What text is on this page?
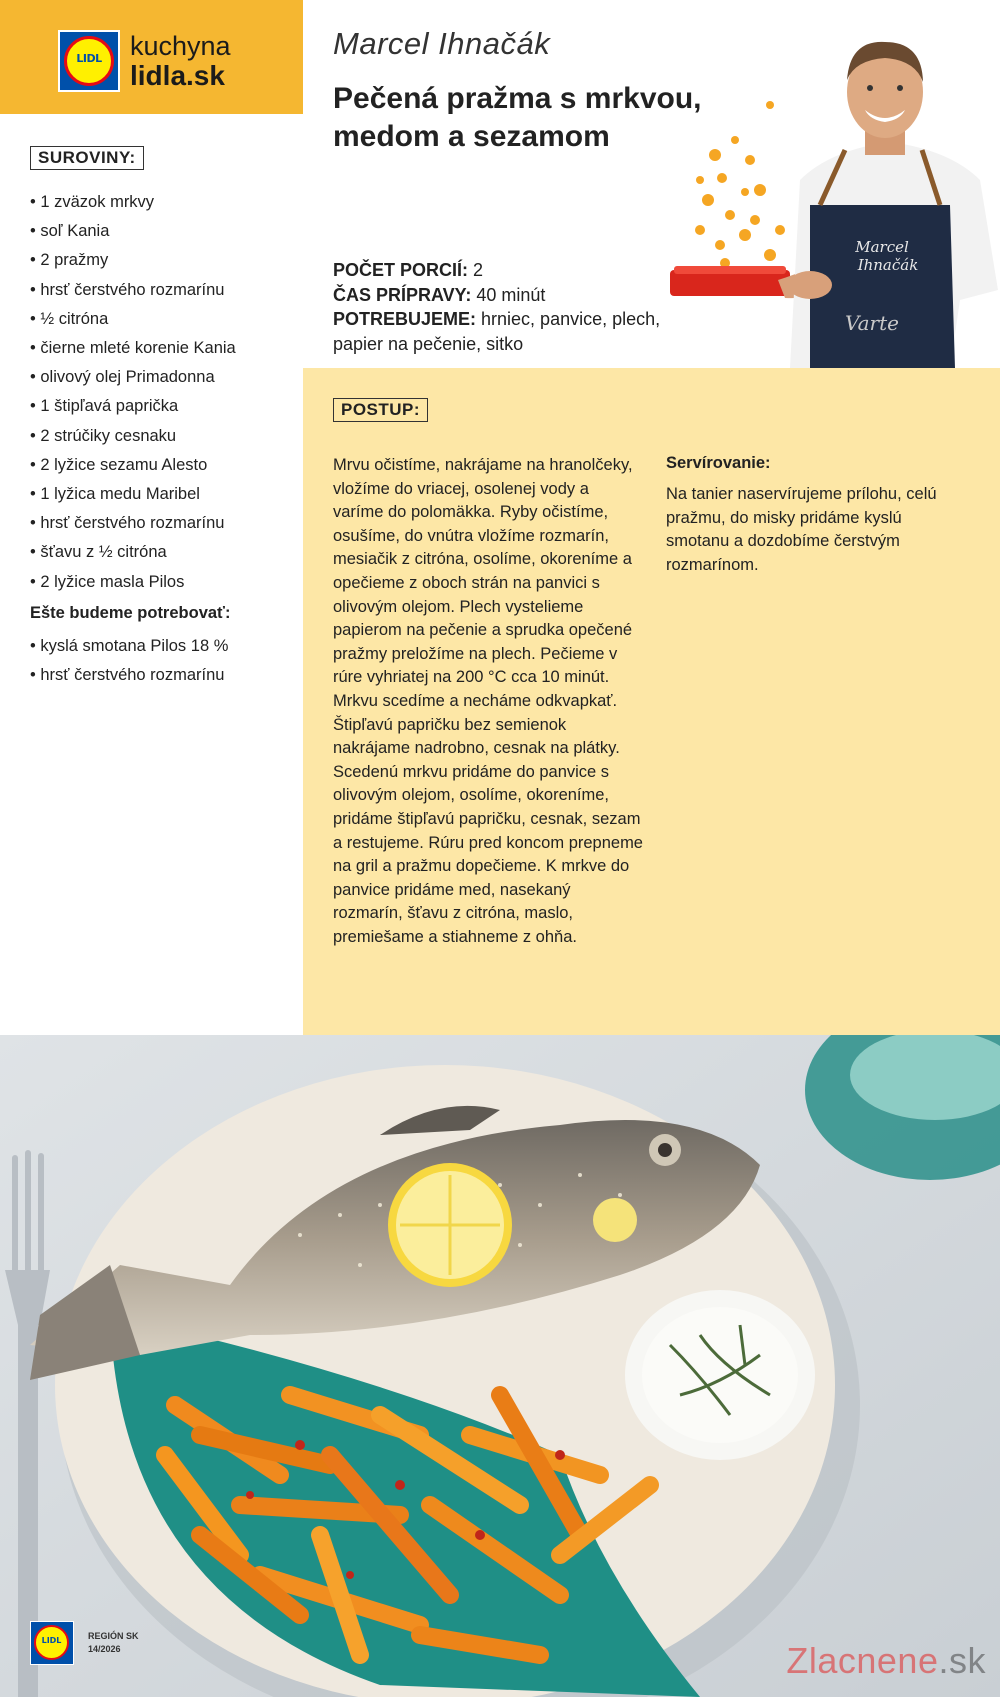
LIDL	kuchyna
lidla.sk
SUROVINY:
• 1 zväzok mrkvy
• soľ Kania
• 2 pražmy
• hrsť čerstvého rozmarínu
• ½ citróna
• čierne mleté korenie Kania
• olivový olej Primadonna
• 1 štipľavá paprička
• 2 strúčiky cesnaku
• 2 lyžice sezamu Alesto
• 1 lyžica medu Maribel
• hrsť čerstvého rozmarínu
• šťavu z ½ citróna
• 2 lyžice masla Pilos
Ešte budeme potrebovať:
• kyslá smotana Pilos 18 %
• hrsť čerstvého rozmarínu
Marcel Ihnačák
Pečená pražma s mrkvou, medom a sezamom
POČET PORCIÍ: 2
ČAS PRÍPRAVY: 40 minút
POTREBUJEME: hrniec, panvice, plech, papier na pečenie, sitko
Marcel
Ihnačák
Varte
POSTUP:
Mrvu očistíme, nakrájame na hranolčeky, vložíme do vriacej, osolenej vody a varíme do polomäkka. Ryby očistíme, osušíme, do vnútra vložíme rozmarín, mesiačik z citróna, osolíme, okoreníme a opečieme z oboch strán na panvici s olivovým olejom. Plech vystelieme papierom na pečenie a sprudka opečené pražmy preložíme na plech. Pečieme v rúre vyhriatej na 200 °C cca 10 minút. Mrkvu scedíme a necháme odkvapkať. Štipľavú papričku bez semienok nakrájame nadrobno, cesnak na plátky. Scedenú mrkvu pridáme do panvice s olivovým olejom, osolíme, okoreníme, pridáme štipľavú papričku, cesnak, sezam a restujeme. Rúru pred koncom prepneme na gril a pražmu dopečieme. K mrkve do panvice pridáme med, nasekaný rozmarín, šťavu z citróna, maslo, premiešame a stiahneme z ohňa.
Servírovanie:
Na tanier naservírujeme prílohu, celú pražmu, do misky pridáme kyslú smotanu a dozdobíme čerstvým rozmarínom.
LIDL	REGIÓN SK
14/2026	Zlacnene.sk
